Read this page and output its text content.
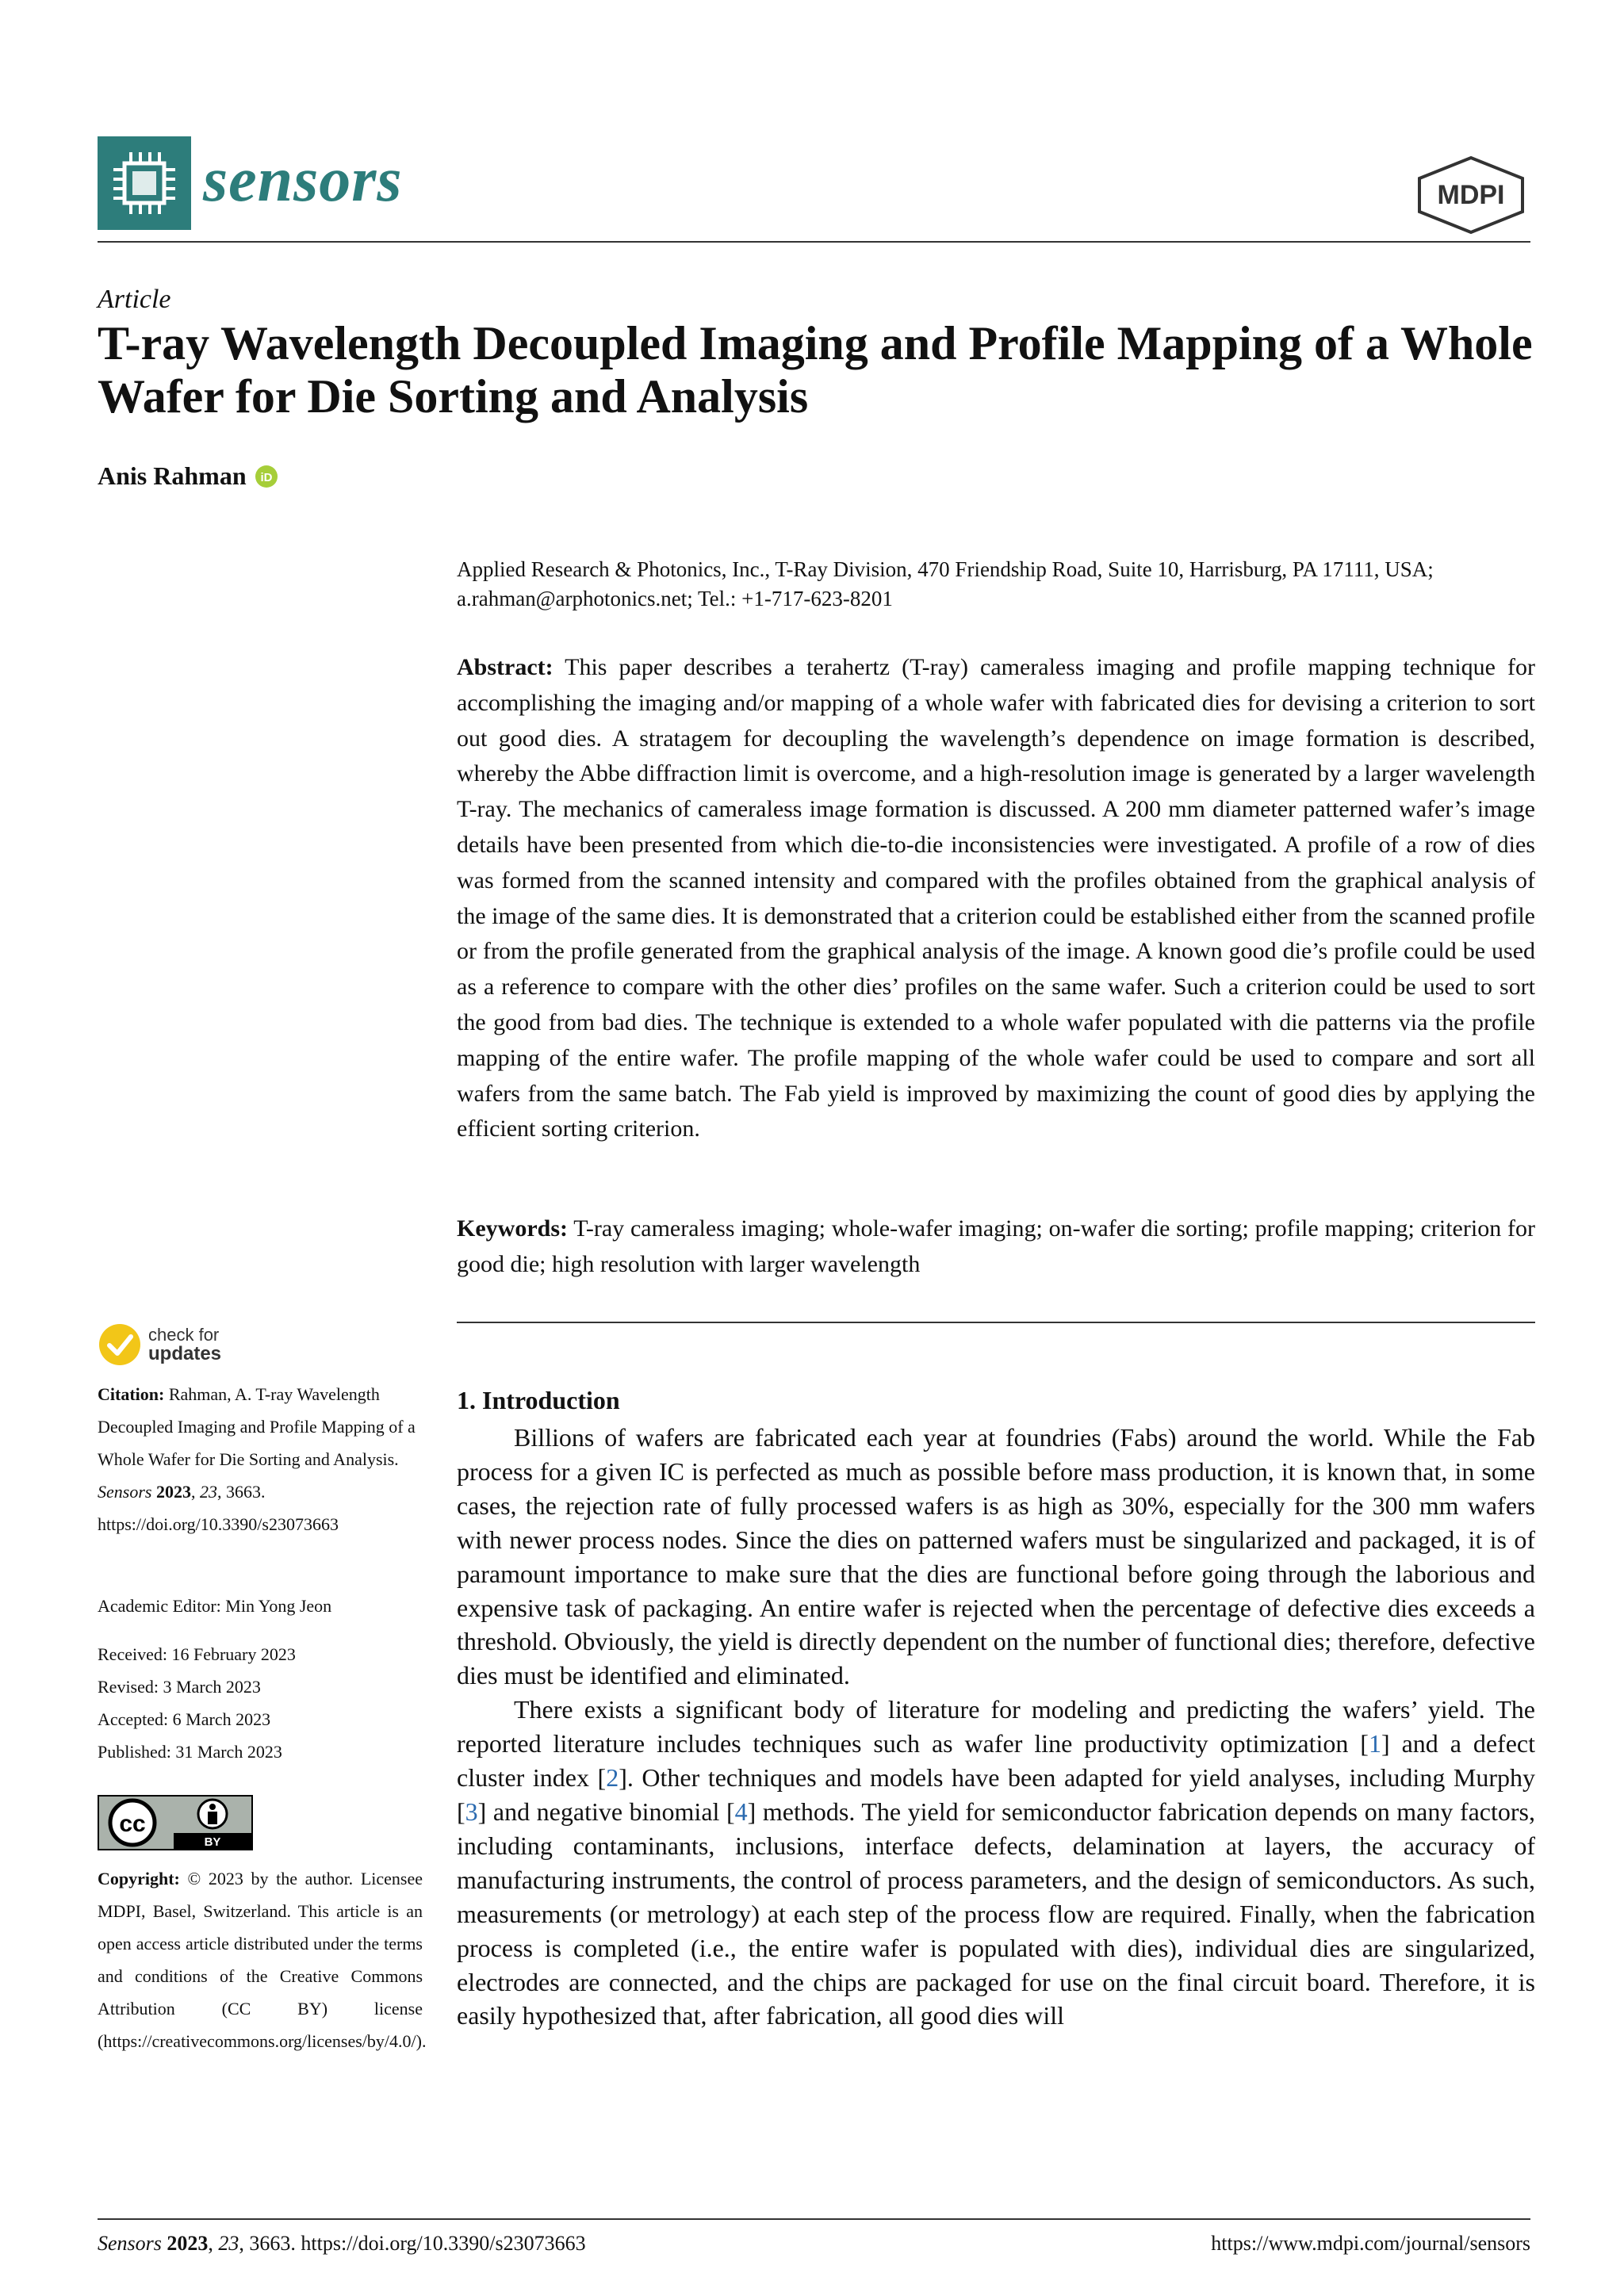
sensors	MDPI
Article
T-ray Wavelength Decoupled Imaging and Profile Mapping of a Whole Wafer for Die Sorting and Analysis
Anis Rahman iD
Applied Research & Photonics, Inc., T-Ray Division, 470 Friendship Road, Suite 10, Harrisburg, PA 17111, USA; a.rahman@arphotonics.net; Tel.: +1-717-623-8201
Abstract: This paper describes a terahertz (T-ray) cameraless imaging and profile mapping technique for accomplishing the imaging and/or mapping of a whole wafer with fabricated dies for devising a criterion to sort out good dies. A stratagem for decoupling the wavelength’s dependence on image formation is described, whereby the Abbe diffraction limit is overcome, and a high-resolution image is generated by a larger wavelength T-ray. The mechanics of cameraless image formation is discussed. A 200 mm diameter patterned wafer’s image details have been presented from which die-to-die inconsistencies were investigated. A profile of a row of dies was formed from the scanned intensity and compared with the profiles obtained from the graphical analysis of the image of the same dies. It is demonstrated that a criterion could be established either from the scanned profile or from the profile generated from the graphical analysis of the image. A known good die’s profile could be used as a reference to compare with the other dies’ profiles on the same wafer. Such a criterion could be used to sort the good from bad dies. The technique is extended to a whole wafer populated with die patterns via the profile mapping of the entire wafer. The profile mapping of the whole wafer could be used to compare and sort all wafers from the same batch. The Fab yield is improved by maximizing the count of good dies by applying the efficient sorting criterion.
Keywords: T-ray cameraless imaging; whole-wafer imaging; on-wafer die sorting; profile mapping; criterion for good die; high resolution with larger wavelength
check for
updates
Citation: Rahman, A. T-ray Wavelength Decoupled Imaging and Profile Mapping of a Whole Wafer for Die Sorting and Analysis. Sensors 2023, 23, 3663. https://doi.org/10.3390/s23073663
Academic Editor: Min Yong Jeon
Received: 16 February 2023
Revised: 3 March 2023
Accepted: 6 March 2023
Published: 31 March 2023
cc
BY
Copyright: © 2023 by the author. Licensee MDPI, Basel, Switzerland. This article is an open access article distributed under the terms and conditions of the Creative Commons Attribution (CC BY) license (https://creativecommons.org/licenses/by/4.0/).
1. Introduction

Billions of wafers are fabricated each year at foundries (Fabs) around the world. While the Fab process for a given IC is perfected as much as possible before mass production, it is known that, in some cases, the rejection rate of fully processed wafers is as high as 30%, especially for the 300 mm wafers with newer process nodes. Since the dies on patterned wafers must be singularized and packaged, it is of paramount importance to make sure that the dies are functional before going through the laborious and expensive task of packaging. An entire wafer is rejected when the percentage of defective dies exceeds a threshold. Obviously, the yield is directly dependent on the number of functional dies; therefore, defective dies must be identified and eliminated.

There exists a significant body of literature for modeling and predicting the wafers’ yield. The reported literature includes techniques such as wafer line productivity optimization [1] and a defect cluster index [2]. Other techniques and models have been adapted for yield analyses, including Murphy [3] and negative binomial [4] methods. The yield for semiconductor fabrication depends on many factors, including contaminants, inclusions, interface defects, delamination at layers, the accuracy of manufacturing instruments, the control of process parameters, and the design of semiconductors. As such, measurements (or metrology) at each step of the process flow are required. Finally, when the fabrication process is completed (i.e., the entire wafer is populated with dies), individual dies are singularized, electrodes are connected, and the chips are packaged for use on the final circuit board. Therefore, it is easily hypothesized that, after fabrication, all good dies will

Sensors 2023, 23, 3663. https://doi.org/10.3390/s23073663	https://www.mdpi.com/journal/sensors
